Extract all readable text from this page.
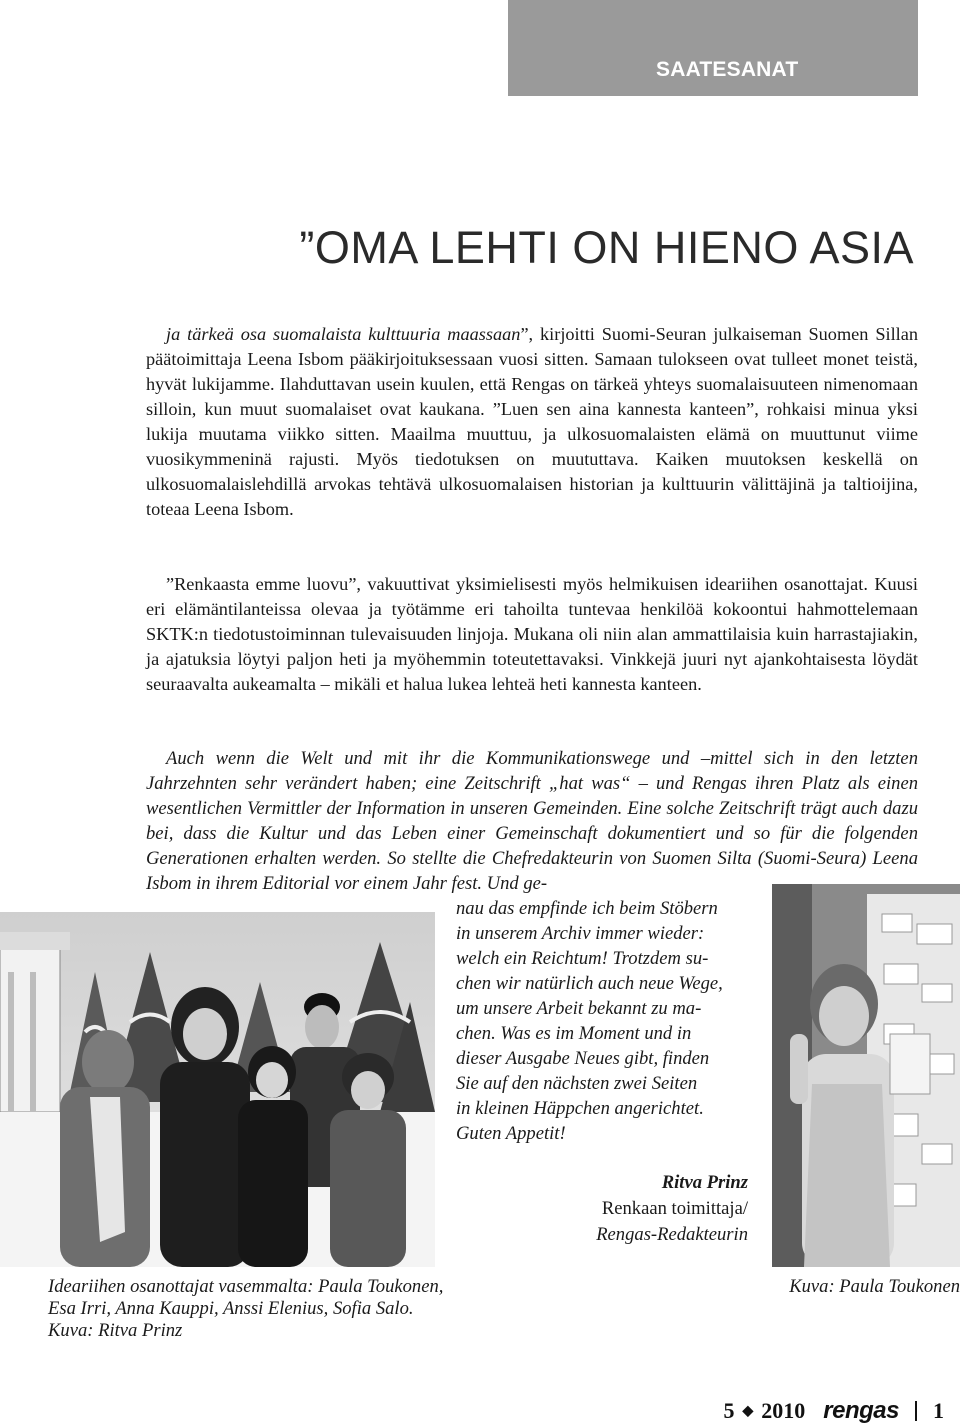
SAATESANAT
”OMA LEHTI ON HIENO ASIA

ja tärkeä osa suomalaista kulttuuria maassaan”, kirjoitti Suomi-Seuran julkaiseman Suomen Sillan päätoimittaja Leena Isbom pääkirjoituksessaan vuosi sitten. Samaan tulokseen ovat tulleet monet teistä, hyvät lukijamme. Ilahduttavan usein kuulen, että Rengas on tärkeä yhteys suomalaisuuteen nimenomaan silloin, kun muut suomalaiset ovat kaukana. ”Luen sen aina kannesta kanteen”, rohkaisi minua yksi lukija muutama viikko sitten. Maailma muuttuu, ja ulkosuomalaisten elämä on muuttunut viime vuosikymmeninä rajusti. Myös tiedotuksen on muututtava. Kaiken muutoksen keskellä on ulkosuomalaislehdillä arvokas tehtävä ulkosuomalaisen historian ja kulttuurin välittäjinä ja taltioijina, toteaa Leena Isbom.

”Renkaasta emme luovu”, vakuuttivat yksimielisesti myös helmikuisen ideariihen osanottajat. Kuusi eri elämäntilanteissa olevaa ja työtämme eri tahoilta tuntevaa henkilöä kokoontui hahmottelemaan SKTK:n tiedotustoiminnan tulevaisuuden linjoja. Mukana oli niin alan ammattilaisia kuin harrastajiakin, ja ajatuksia löytyi paljon heti ja myöhemmin toteutettavaksi. Vinkkejä juuri nyt ajankohtaisesta löydät seuraavalta aukeamalta – mikäli et halua lukea lehteä heti kannesta kanteen.

Auch wenn die Welt und mit ihr die Kommunikationswege und –mittel sich in den letzten Jahrzehnten sehr verändert haben; eine Zeitschrift „hat was“ – und Rengas ihren Platz als einen wesentlichen Vermittler der Information in unseren Gemeinden. Eine solche Zeitschrift trägt auch dazu bei, dass die Kultur und das Leben einer Gemeinschaft dokumentiert und so für die folgenden Generationen erhalten werden. So stellte die Chefredakteurin von Suomen Silta (Suomi-Seura) Leena Isbom in ihrem Editorial vor einem Jahr fest. Und ge-

nau das empfinde ich beim Stöbern

in unserem Archiv immer wieder:

welch ein Reichtum! Trotzdem su-

chen wir natürlich auch neue Wege,

um unsere Arbeit bekannt zu ma-

chen. Was es im Moment und in

dieser Ausgabe Neues gibt, finden

Sie auf den nächsten zwei Seiten

in kleinen Häppchen angerichtet.

Guten Appetit!

Ritva Prinz
Renkaan toimittaja/
Rengas-Redakteurin
Ideariihen osanottajat vasemmalta: Paula Toukonen, Esa Irri, Anna Kauppi, Anssi Elenius, Sofia Salo. Kuva: Ritva Prinz
Kuva: Paula Toukonen
5 ◆ 2010 rengas 1
